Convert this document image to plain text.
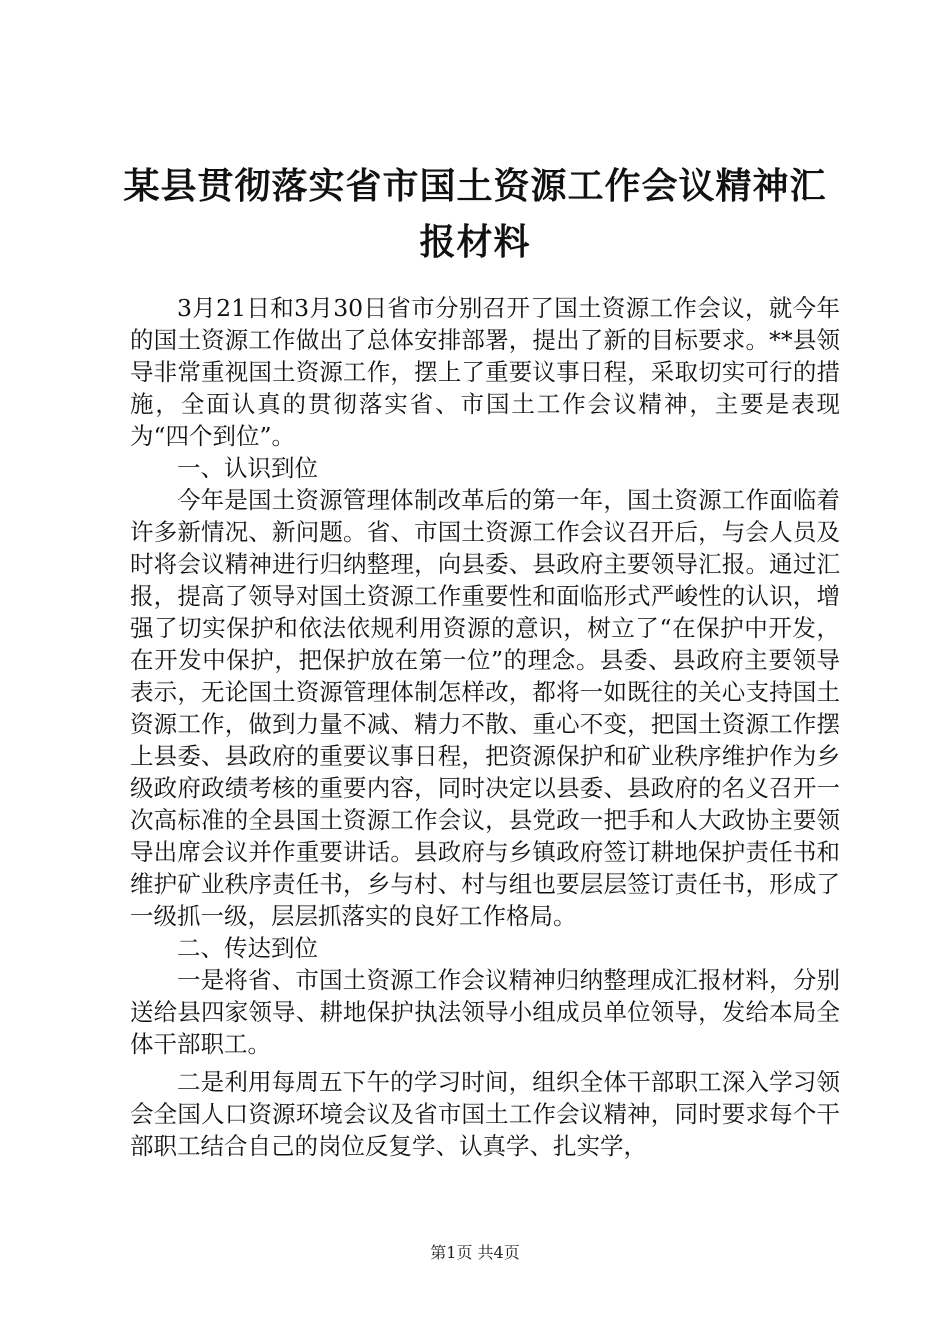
某县贯彻落实省市国土资源工作会议精神汇报材料

3月21日和3月30日省市分别召开了国土资源工作会议，就今年的国土资源工作做出了总体安排部署，提出了新的目标要求。**县领导非常重视国土资源工作，摆上了重要议事日程，采取切实可行的措施，全面认真的贯彻落实省、市国土工作会议精神，主要是表现为“四个到位”。

一、认识到位

今年是国土资源管理体制改革后的第一年，国土资源工作面临着许多新情况、新问题。省、市国土资源工作会议召开后，与会人员及时将会议精神进行归纳整理，向县委、县政府主要领导汇报。通过汇报，提高了领导对国土资源工作重要性和面临形式严峻性的认识，增强了切实保护和依法依规利用资源的意识，树立了“在保护中开发，在开发中保护，把保护放在第一位”的理念。县委、县政府主要领导表示，无论国土资源管理体制怎样改，都将一如既往的关心支持国土资源工作，做到力量不减、精力不散、重心不变，把国土资源工作摆上县委、县政府的重要议事日程，把资源保护和矿业秩序维护作为乡级政府政绩考核的重要内容，同时决定以县委、县政府的名义召开一次高标准的全县国土资源工作会议，县党政一把手和人大政协主要领导出席会议并作重要讲话。县政府与乡镇政府签订耕地保护责任书和维护矿业秩序责任书，乡与村、村与组也要层层签订责任书，形成了一级抓一级，层层抓落实的良好工作格局。

二、传达到位

一是将省、市国土资源工作会议精神归纳整理成汇报材料，分别送给县四家领导、耕地保护执法领导小组成员单位领导，发给本局全体干部职工。

二是利用每周五下午的学习时间，组织全体干部职工深入学习领会全国人口资源环境会议及省市国土工作会议精神，同时要求每个干部职工结合自己的岗位反复学、认真学、扎实学，

第1页 共4页
